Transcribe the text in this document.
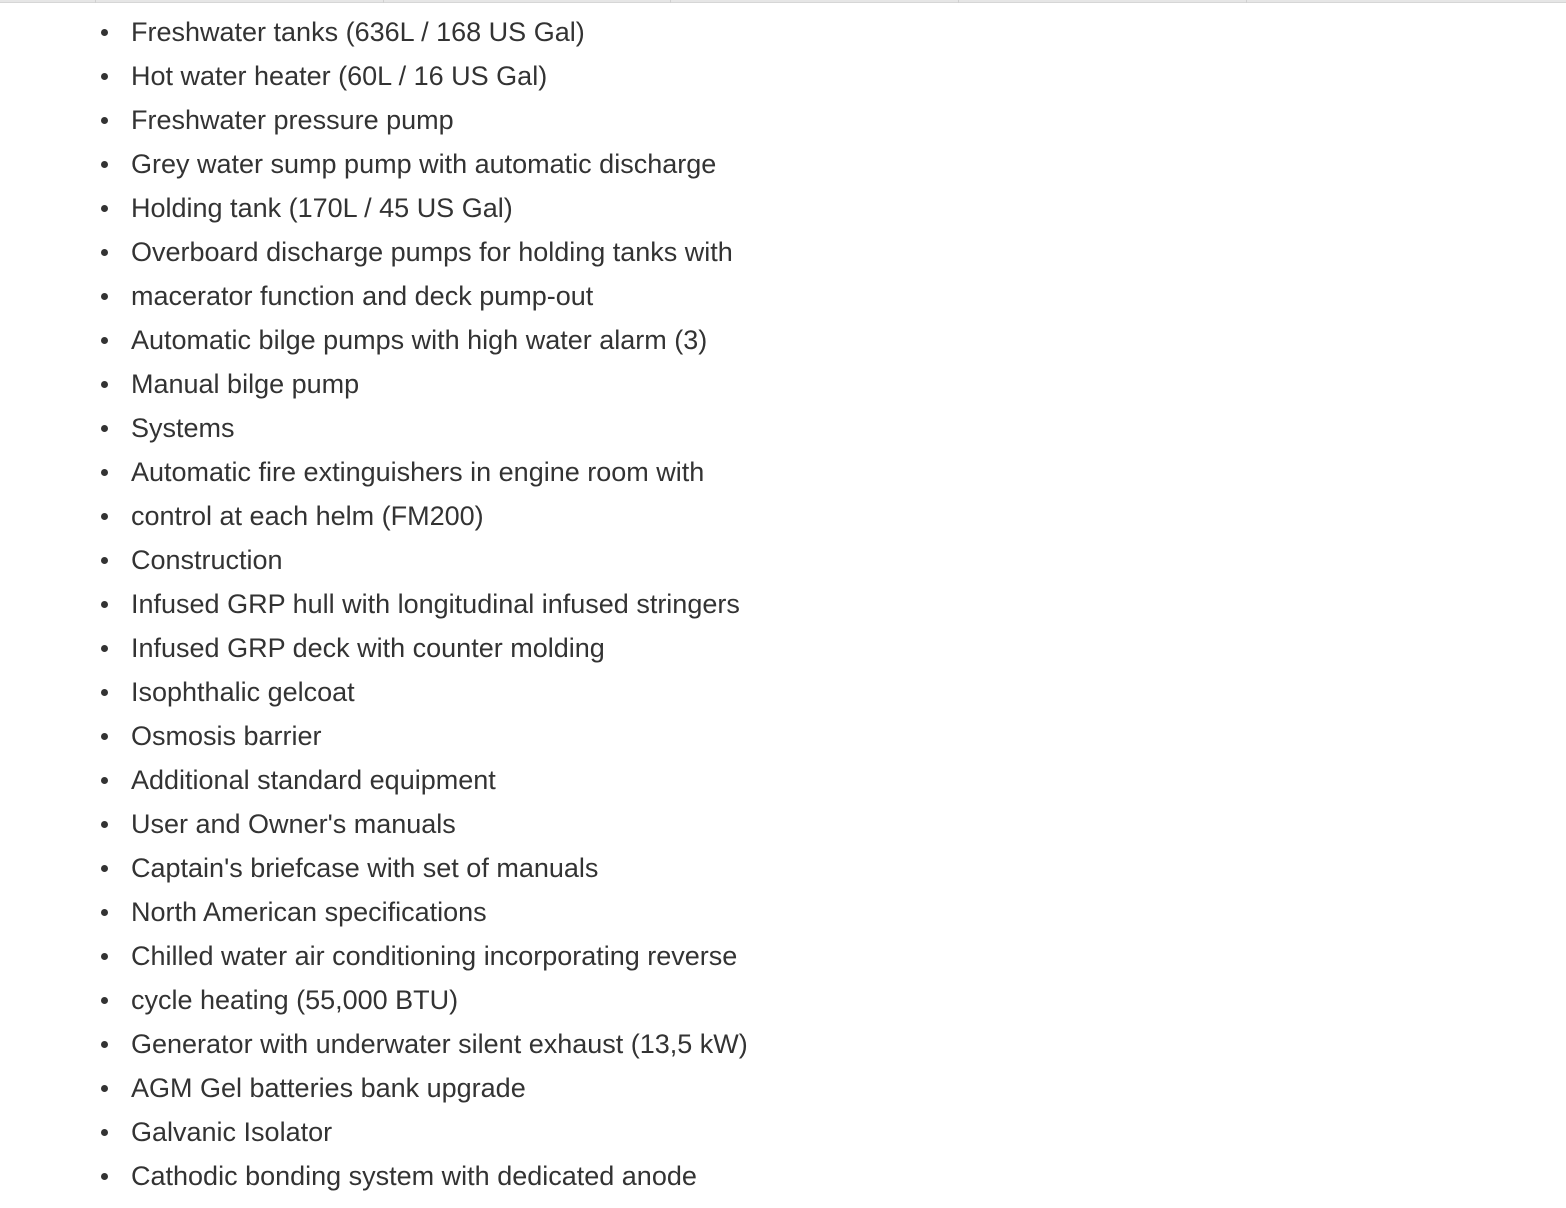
Freshwater tanks (636L / 168 US Gal)
Hot water heater (60L / 16 US Gal)
Freshwater pressure pump
Grey water sump pump with automatic discharge
Holding tank (170L / 45 US Gal)
Overboard discharge pumps for holding tanks with
macerator function and deck pump-out
Automatic bilge pumps with high water alarm (3)
Manual bilge pump
Systems
Automatic fire extinguishers in engine room with
control at each helm (FM200)
Construction
Infused GRP hull with longitudinal infused stringers
Infused GRP deck with counter molding
Isophthalic gelcoat
Osmosis barrier
Additional standard equipment
User and Owner's manuals
Captain's briefcase with set of manuals
North American specifications
Chilled water air conditioning incorporating reverse
cycle heating (55,000 BTU)
Generator with underwater silent exhaust (13,5 kW)
AGM Gel batteries bank upgrade
Galvanic Isolator
Cathodic bonding system with dedicated anode
